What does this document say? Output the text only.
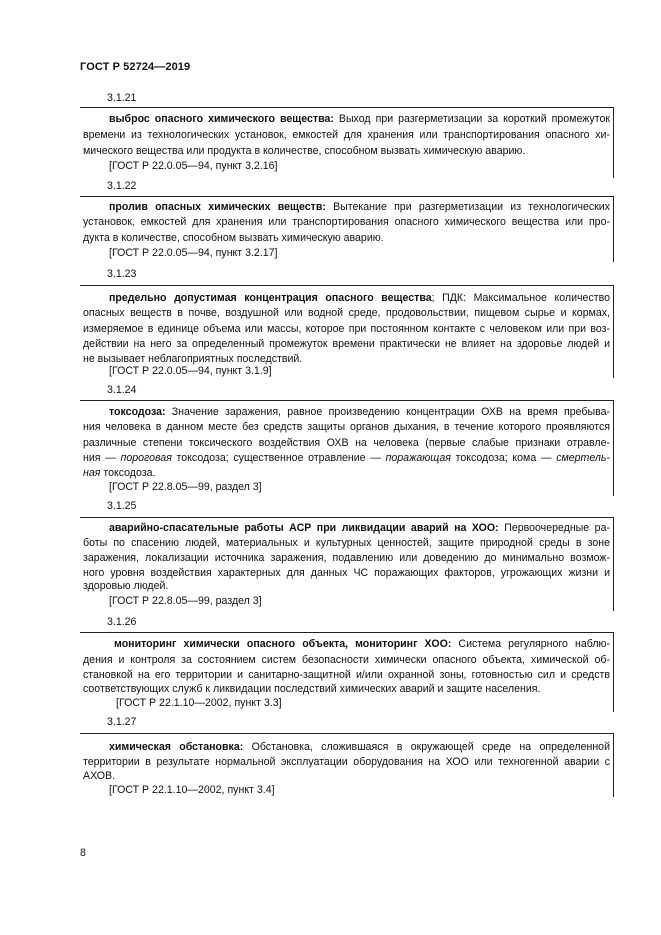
ГОСТ Р 52724—2019
3.1.21
выброс опасного химического вещества: Выход при разгерметизации за короткий промежуток
времени из технологических установок, емкостей для хранения или транспортирования опасного хи-
мического вещества или продукта в количестве, способном вызвать химическую аварию.
[ГОСТ Р 22.0.05—94, пункт 3.2.16]
3.1.22
пролив опасных химических веществ: Вытекание при разгерметизации из технологических
установок, емкостей для хранения или транспортирования опасного химического вещества или про-
дукта в количестве, способном вызвать химическую аварию.
[ГОСТ Р 22.0.05—94, пункт 3.2.17]
3.1.23
предельно допустимая концентрация опасного вещества; ПДК: Максимальное количество
опасных веществ в почве, воздушной или водной среде, продовольствии, пищевом сырье и кормах,
измеряемое в единице объема или массы, которое при постоянном контакте с человеком или при воз-
действии на него за определенный промежуток времени практически не влияет на здоровье людей и
не вызывает неблагоприятных последствий.
[ГОСТ Р 22.0.05—94, пункт 3.1.9]
3.1.24
токсодоза: Значение заражения, равное произведению концентрации ОХВ на время пребыва-
ния человека в данном месте без средств защиты органов дыхания, в течение которого проявляются
различные степени токсического воздействия ОХВ на человека (первые слабые признаки отравле-
ния — пороговая токсодоза; существенное отравление — поражающая токсодоза; кома — смертель-
ная токсодоза.
[ГОСТ Р 22.8.05—99, раздел 3]
3.1.25
аварийно-спасательные работы АСР при ликвидации аварий на ХОО: Первоочередные ра-
боты по спасению людей, материальных и культурных ценностей, защите природной среды в зоне
заражения, локализации источника заражения, подавлению или доведению до минимально возмож-
ного уровня воздействия характерных для данных ЧС поражающих факторов, угрожающих жизни и
здоровью людей.
[ГОСТ Р 22.8.05—99, раздел 3]
3.1.26
мониторинг химически опасного объекта, мониторинг ХОО: Система регулярного наблю-
дения и контроля за состоянием систем безопасности химически опасного объекта, химической об-
становкой на его территории и санитарно-защитной и/или охранной зоны, готовностью сил и средств
соответствующих служб к ликвидации последствий химических аварий и защите населения.
[ГОСТ Р 22.1.10—2002, пункт 3.3]
3.1.27
химическая обстановка: Обстановка, сложившаяся в окружающей среде на определенной
территории в результате нормальной эксплуатации оборудования на ХОО или техногенной аварии с
АХОВ.
[ГОСТ Р 22.1.10—2002, пункт 3.4]
8
